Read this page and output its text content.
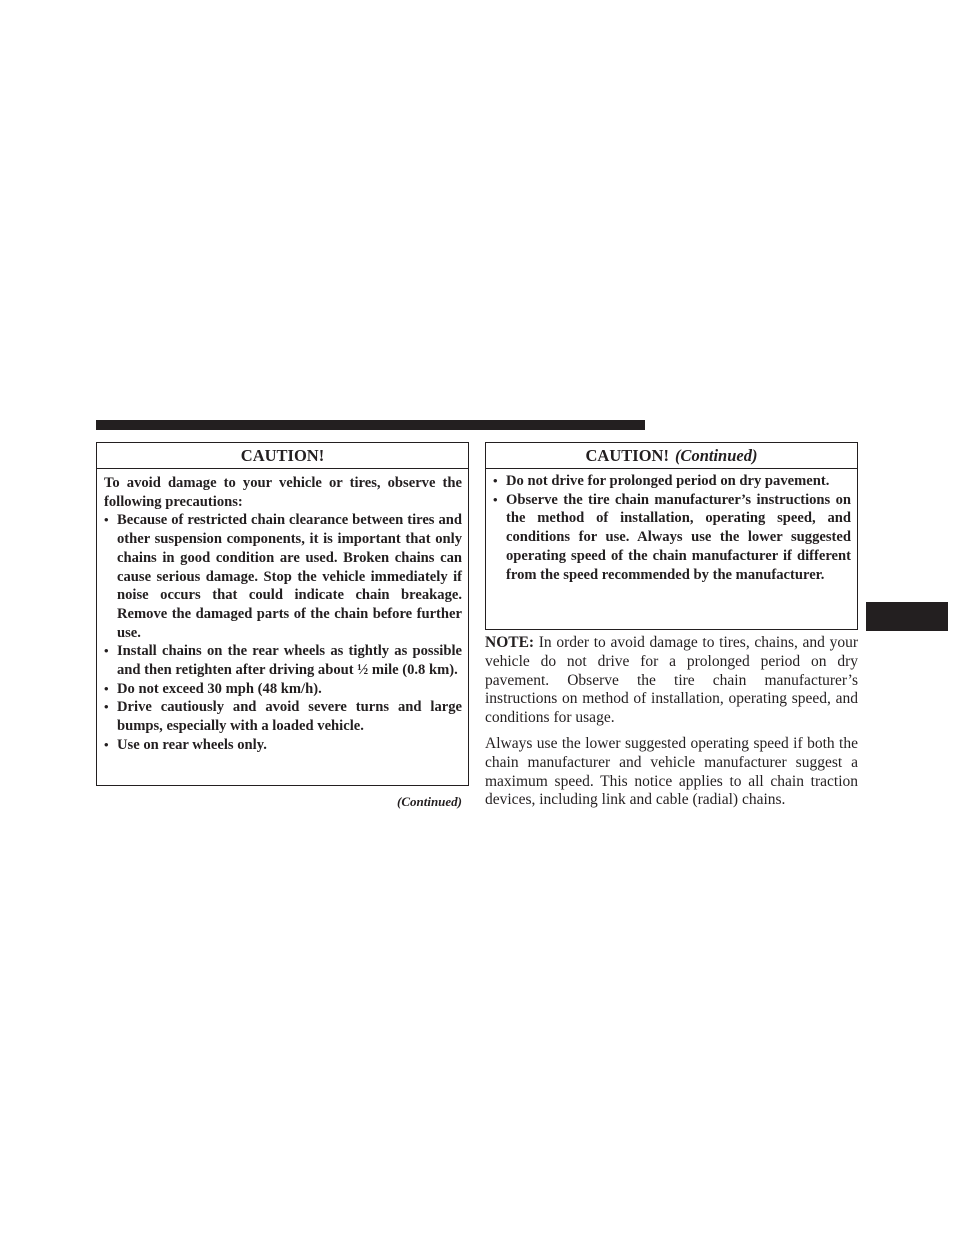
CAUTION!

To avoid damage to your vehicle or tires, observe the following precautions:

• Because of restricted chain clearance between tires and other suspension components, it is important that only chains in good condition are used. Broken chains can cause serious damage. Stop the vehicle immediately if noise occurs that could indicate chain breakage. Remove the damaged parts of the chain before further use.
• Install chains on the rear wheels as tightly as possible and then retighten after driving about ½ mile (0.8 km).
• Do not exceed 30 mph (48 km/h).
• Drive cautiously and avoid severe turns and large bumps, especially with a loaded vehicle.
• Use on rear wheels only.
(Continued)
CAUTION! (Continued)
• Do not drive for prolonged period on dry pavement.
• Observe the tire chain manufacturer’s instructions on the method of installation, operating speed, and conditions for use. Always use the lower suggested operating speed of the chain manufacturer if different from the speed recommended by the manufacturer.

NOTE: In order to avoid damage to tires, chains, and your vehicle do not drive for a prolonged period on dry pavement. Observe the tire chain manufacturer’s instructions on method of installation, operating speed, and conditions for usage.

Always use the lower suggested operating speed if both the chain manufacturer and vehicle manufacturer suggest a maximum speed. This notice applies to all chain traction devices, including link and cable (radial) chains.
